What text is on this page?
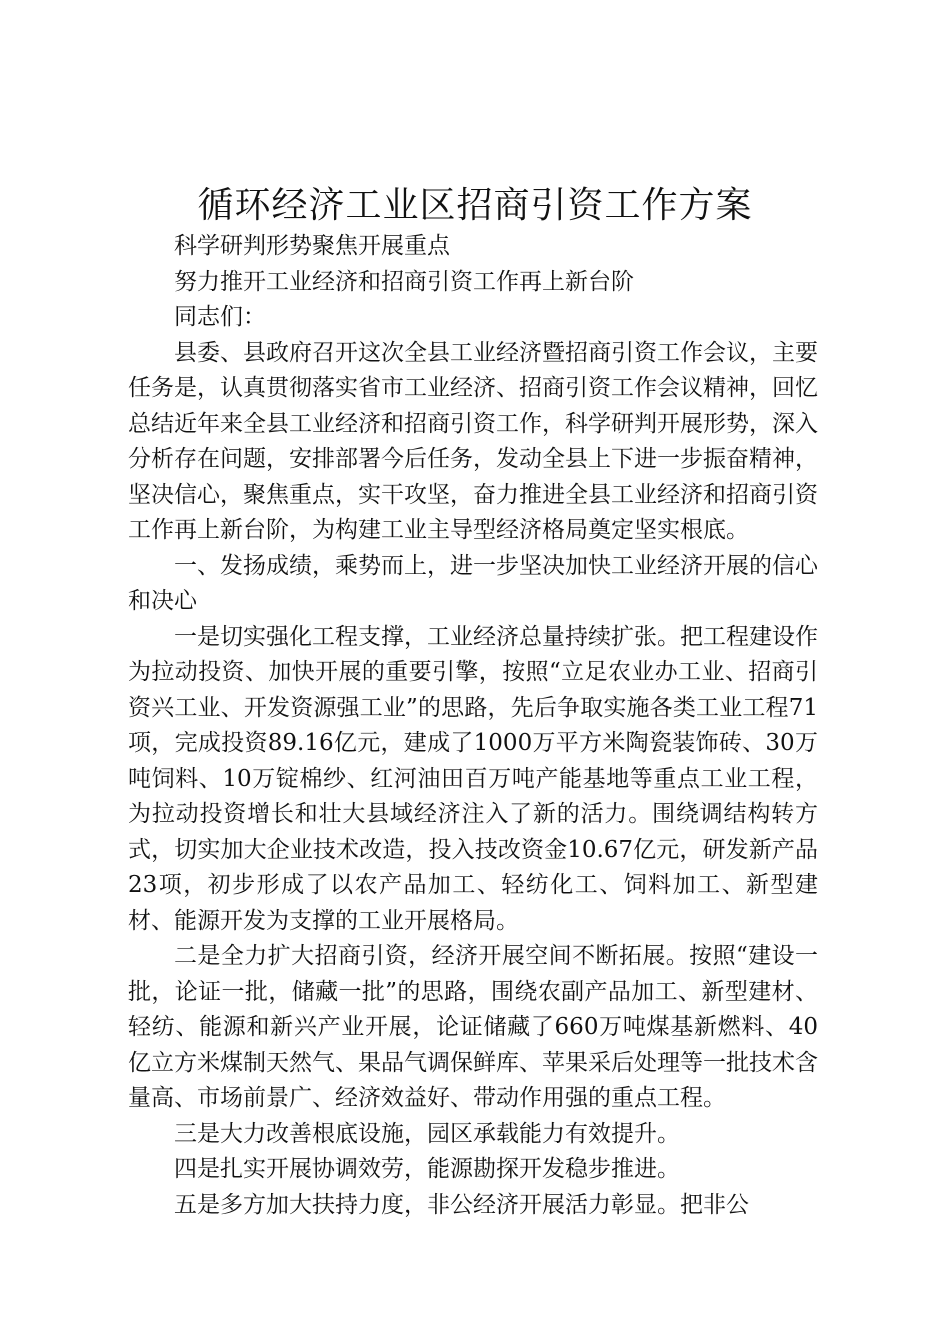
循环经济工业区招商引资工作方案

科学研判形势聚焦开展重点

努力推开工业经济和招商引资工作再上新台阶

同志们：

县委、县政府召开这次全县工业经济暨招商引资工作会议，主要任务是，认真贯彻落实省市工业经济、招商引资工作会议精神，回忆总结近年来全县工业经济和招商引资工作，科学研判开展形势，深入分析存在问题，安排部署今后任务，发动全县上下进一步振奋精神，坚决信心，聚焦重点，实干攻坚，奋力推进全县工业经济和招商引资工作再上新台阶，为构建工业主导型经济格局奠定坚实根底。

一、发扬成绩，乘势而上，进一步坚决加快工业经济开展的信心和决心

一是切实强化工程支撑，工业经济总量持续扩张。把工程建设作为拉动投资、加快开展的重要引擎，按照“立足农业办工业、招商引资兴工业、开发资源强工业”的思路，先后争取实施各类工业工程71项，完成投资89.16亿元，建成了1000万平方米陶瓷装饰砖、30万吨饲料、10万锭棉纱、红河油田百万吨产能基地等重点工业工程，为拉动投资增长和壮大县域经济注入了新的活力。围绕调结构转方式，切实加大企业技术改造，投入技改资金10.67亿元，研发新产品23项，初步形成了以农产品加工、轻纺化工、饲料加工、新型建材、能源开发为支撑的工业开展格局。

二是全力扩大招商引资，经济开展空间不断拓展。按照“建设一批，论证一批，储藏一批”的思路，围绕农副产品加工、新型建材、轻纺、能源和新兴产业开展，论证储藏了660万吨煤基新燃料、40亿立方米煤制天然气、果品气调保鲜库、苹果采后处理等一批技术含量高、市场前景广、经济效益好、带动作用强的重点工程。

三是大力改善根底设施，园区承载能力有效提升。

四是扎实开展协调效劳，能源勘探开发稳步推进。

五是多方加大扶持力度，非公经济开展活力彰显。把非公
